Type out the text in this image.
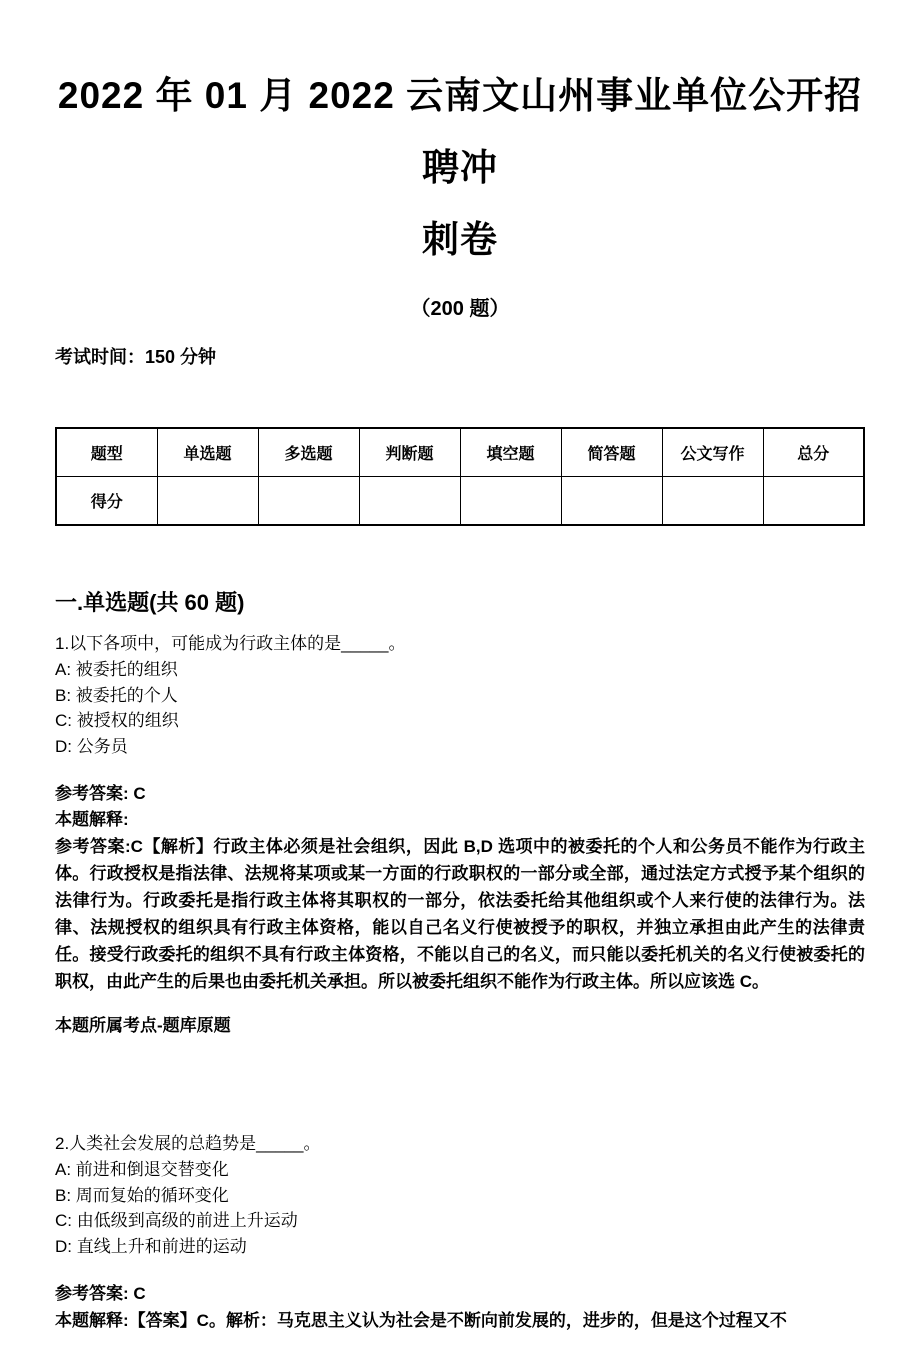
2022 年 01 月 2022 云南文山州事业单位公开招聘冲
刺卷
（200 题）
考试时间：150 分钟
题型	单选题	多选题	判断题	填空题	简答题	公文写作	总分
得分							
一.单选题(共 60 题)
1.以下各项中，可能成为行政主体的是_____。
A: 被委托的组织
B: 被委托的个人
C: 被授权的组织
D: 公务员
参考答案: C
本题解释:
参考答案:C【解析】行政主体必须是社会组织，因此 B,D 选项中的被委托的个人和公务员不能作为行政主体。行政授权是指法律、法规将某项或某一方面的行政职权的一部分或全部，通过法定方式授予某个组织的法律行为。行政委托是指行政主体将其职权的一部分，依法委托给其他组织或个人来行使的法律行为。法律、法规授权的组织具有行政主体资格，能以自己名义行使被授予的职权，并独立承担由此产生的法律责任。接受行政委托的组织不具有行政主体资格，不能以自己的名义，而只能以委托机关的名义行使被委托的职权，由此产生的后果也由委托机关承担。所以被委托组织不能作为行政主体。所以应该选 C。
本题所属考点-题库原题
2.人类社会发展的总趋势是_____。
A: 前进和倒退交替变化
B: 周而复始的循环变化
C: 由低级到高级的前进上升运动
D: 直线上升和前进的运动
参考答案: C
本题解释:【答案】C。解析：马克思主义认为社会是不断向前发展的，进步的，但是这个过程又不
